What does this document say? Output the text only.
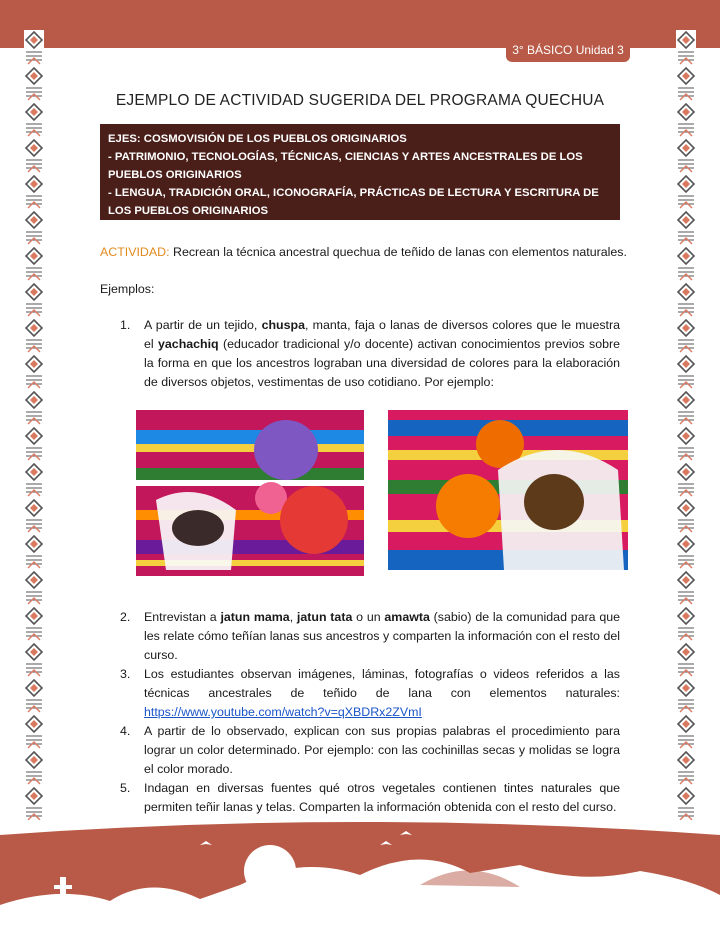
3° BÁSICO Unidad 3
EJEMPLO DE ACTIVIDAD SUGERIDA DEL PROGRAMA QUECHUA
EJES: COSMOVISIÓN DE LOS PUEBLOS ORIGINARIOS
- PATRIMONIO, TECNOLOGÍAS, TÉCNICAS, CIENCIAS Y ARTES ANCESTRALES DE LOS PUEBLOS ORIGINARIOS
- LENGUA, TRADICIÓN ORAL, ICONOGRAFÍA, PRÁCTICAS DE LECTURA Y ESCRITURA DE LOS PUEBLOS ORIGINARIOS
ACTIVIDAD: Recrean la técnica ancestral quechua de teñido de lanas con elementos naturales.
Ejemplos:
1. A partir de un tejido, chuspa, manta, faja o lanas de diversos colores que le muestra el yachachiq (educador tradicional y/o docente) activan conocimientos previos sobre la forma en que los ancestros lograban una diversidad de colores para la elaboración de diversos objetos, vestimentas de uso cotidiano. Por ejemplo:
2. Entrevistan a jatun mama, jatun tata o un amawta (sabio) de la comunidad para que les relate cómo teñían lanas sus ancestros y comparten la información con el resto del curso.
3. Los estudiantes observan imágenes, láminas, fotografías o videos referidos a las técnicas ancestrales de teñido de lana con elementos naturales: https://www.youtube.com/watch?v=qXBDRx2ZVmI
4. A partir de lo observado, explican con sus propias palabras el procedimiento para lograr un color determinado. Por ejemplo: con las cochinillas secas y molidas se logra el color morado.
5. Indagan en diversas fuentes qué otros vegetales contienen tintes naturales que permiten teñir lanas y telas. Comparten la información obtenida con el resto del curso.
